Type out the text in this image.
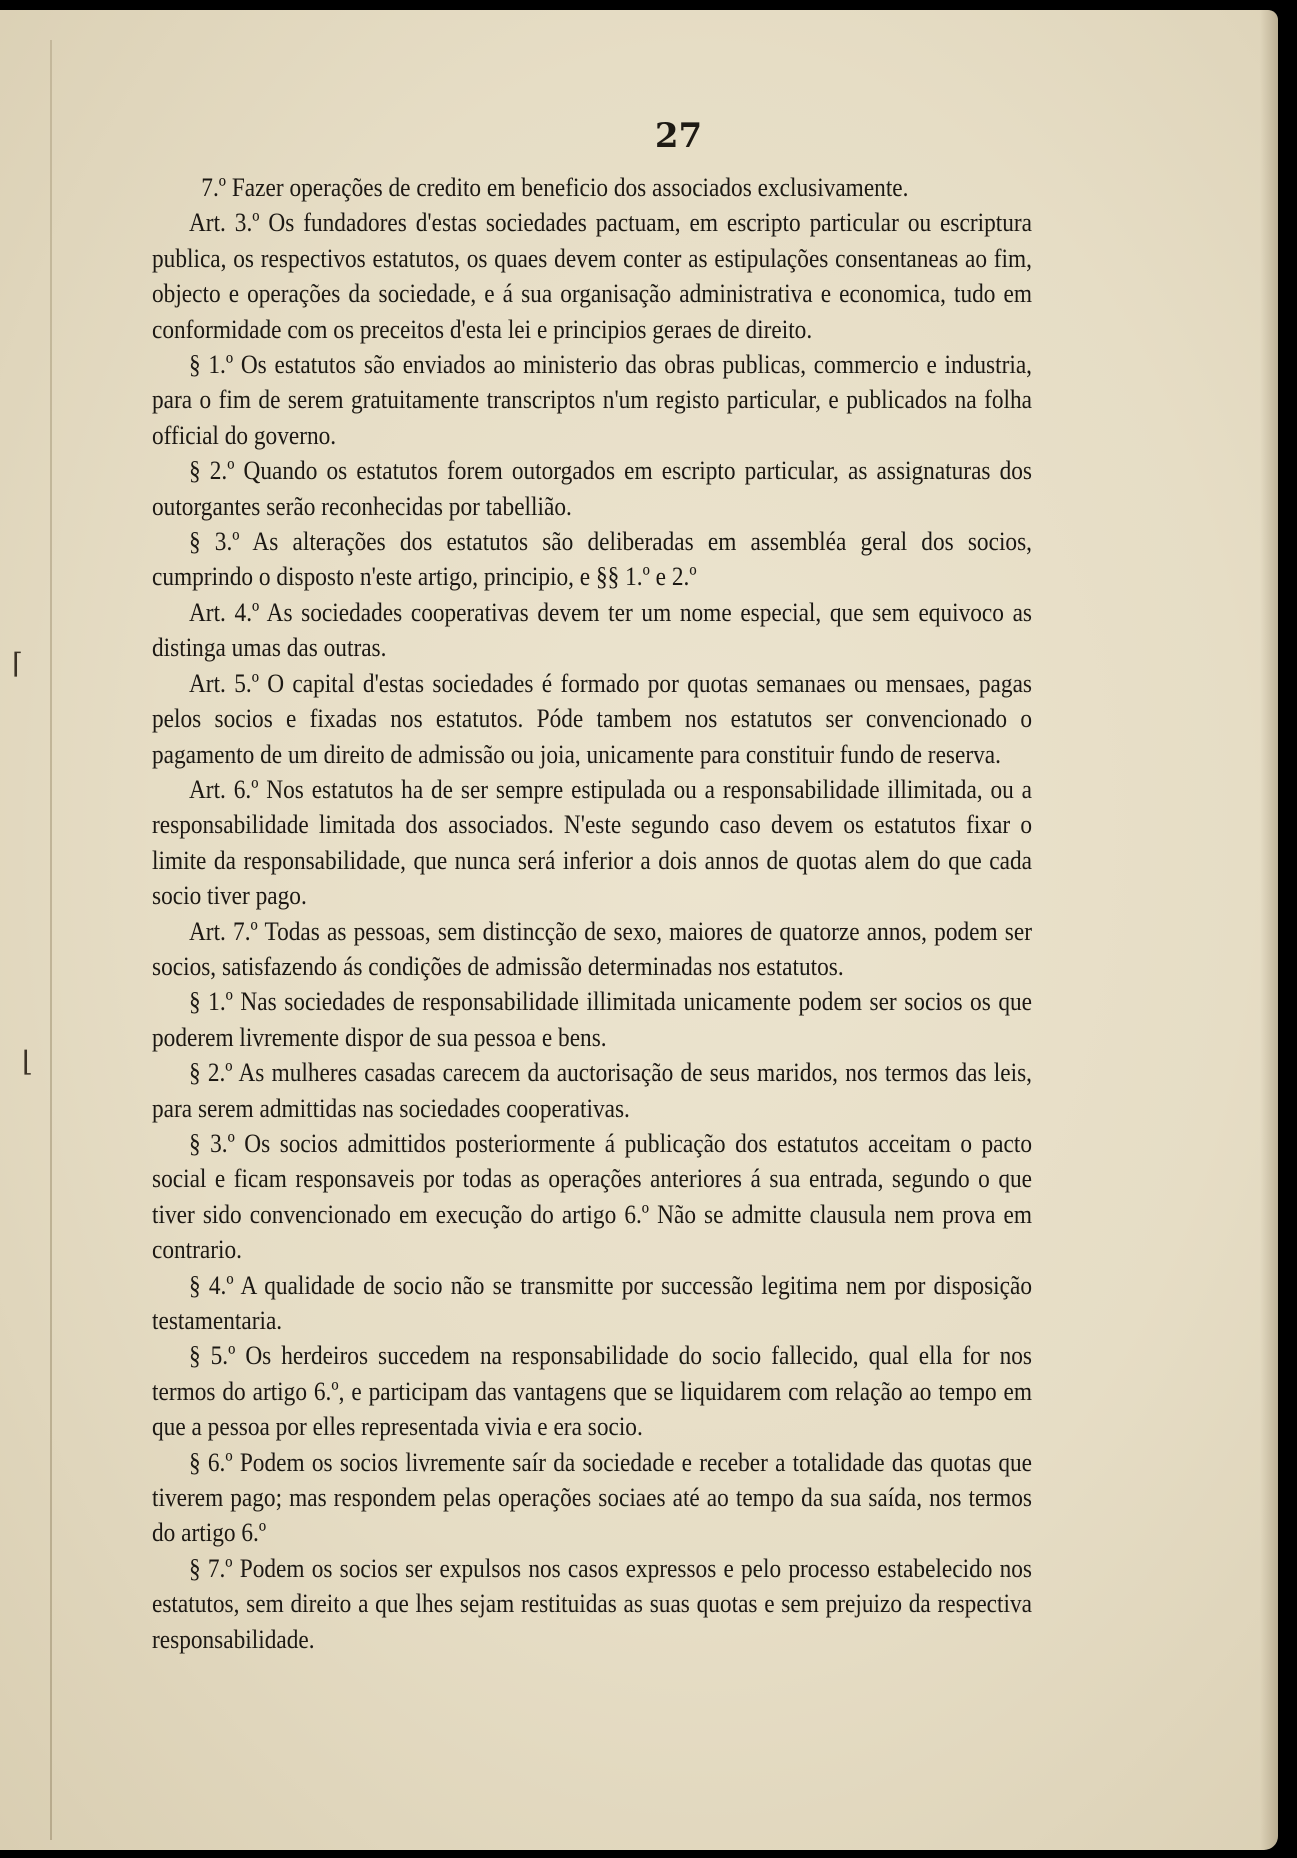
⌈
⌊
27

7.º Fazer operações de credito em beneficio dos associados exclusivamente.

Art. 3.º Os fundadores d'estas sociedades pactuam, em escripto particular ou escriptura publica, os respectivos estatutos, os quaes devem conter as estipulações consentaneas ao fim, objecto e operações da sociedade, e á sua organisação administrativa e economica, tudo em conformidade com os preceitos d'esta lei e principios geraes de direito.

§ 1.º Os estatutos são enviados ao ministerio das obras publicas, commercio e industria, para o fim de serem gratuitamente transcriptos n'um registo particular, e publicados na folha official do governo.

§ 2.º Quando os estatutos forem outorgados em escripto particular, as assignaturas dos outorgantes serão reconhecidas por tabellião.

§ 3.º As alterações dos estatutos são deliberadas em assembléa geral dos socios, cumprindo o disposto n'este artigo, principio, e §§ 1.º e 2.º

Art. 4.º As sociedades cooperativas devem ter um nome especial, que sem equivoco as distinga umas das outras.

Art. 5.º O capital d'estas sociedades é formado por quotas semanaes ou mensaes, pagas pelos socios e fixadas nos estatutos. Póde tambem nos estatutos ser convencionado o pagamento de um direito de admissão ou joia, unicamente para constituir fundo de reserva.

Art. 6.º Nos estatutos ha de ser sempre estipulada ou a responsabilidade illimitada, ou a responsabilidade limitada dos associados. N'este segundo caso devem os estatutos fixar o limite da responsabilidade, que nunca será inferior a dois annos de quotas alem do que cada socio tiver pago.

Art. 7.º Todas as pessoas, sem distincção de sexo, maiores de quatorze annos, podem ser socios, satisfazendo ás condições de admissão determinadas nos estatutos.

§ 1.º Nas sociedades de responsabilidade illimitada unicamente podem ser socios os que poderem livremente dispor de sua pessoa e bens.

§ 2.º As mulheres casadas carecem da auctorisação de seus maridos, nos termos das leis, para serem admittidas nas sociedades cooperativas.

§ 3.º Os socios admittidos posteriormente á publicação dos estatutos acceitam o pacto social e ficam responsaveis por todas as operações anteriores á sua entrada, segundo o que tiver sido convencionado em execução do artigo 6.º Não se admitte clausula nem prova em contrario.

§ 4.º A qualidade de socio não se transmitte por successão legitima nem por disposição testamentaria.

§ 5.º Os herdeiros succedem na responsabilidade do socio fallecido, qual ella for nos termos do artigo 6.º, e participam das vantagens que se liquidarem com relação ao tempo em que a pessoa por elles representada vivia e era socio.

§ 6.º Podem os socios livremente saír da sociedade e receber a totalidade das quotas que tiverem pago; mas respondem pelas operações sociaes até ao tempo da sua saída, nos termos do artigo 6.º

§ 7.º Podem os socios ser expulsos nos casos expressos e pelo processo estabelecido nos estatutos, sem direito a que lhes sejam restituidas as suas quotas e sem prejuizo da respectiva responsabilidade.
